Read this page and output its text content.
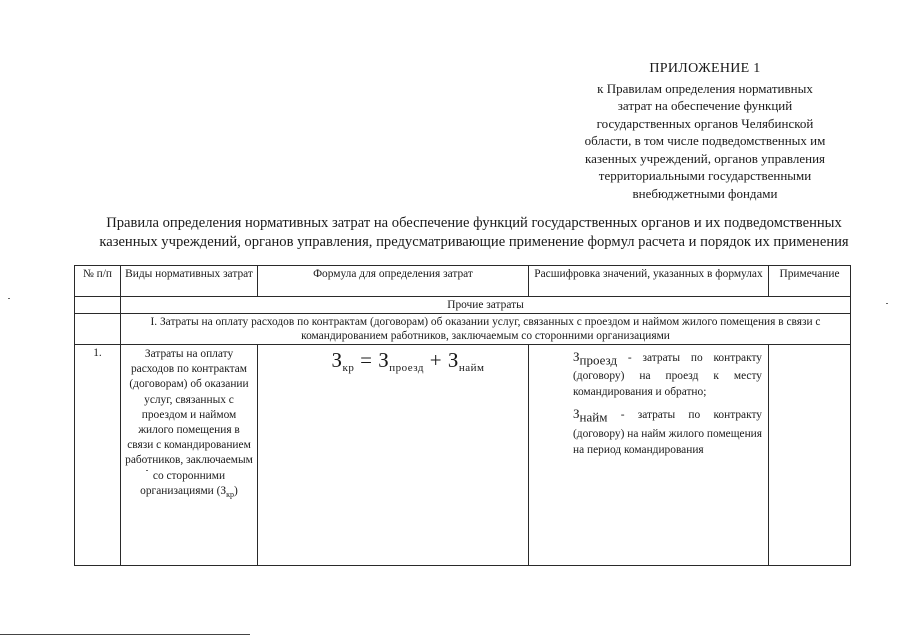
ПРИЛОЖЕНИЕ 1
к Правилам определения нормативных
затрат на обеспечение функций
государственных органов Челябинской
области, в том числе подведомственных им
казенных учреждений, органов управления
территориальными государственными
внебюджетными фондами
Правила определения нормативных затрат на обеспечение функций государственных органов и их подведомственных
казенных учреждений, органов управления, предусматривающие применение формул расчета и порядок их применения
№ п/п	Виды нормативных затрат	Формула для определения затрат	Расшифровка значений, указанных в формулах	Примечание
	Прочие затраты			
	I. Затраты на оплату расходов по контрактам (договорам) об оказании услуг, связанных с проездом и наймом жилого помещения в связи с командированием работников, заключаемым со сторонними организациями			
1.	Затраты на оплату расходов по контрактам (договорам) об оказании услуг, связанных с проездом и наймом жилого помещения в связи с командированием работников, заключаемым со сторонними организациями $(З_{кр})$	$З_{кр} = З_{проезд} + З_{найм}$	$З_{проезд}$ - затраты по контракту (договору) на проезд к месту командирования и обратно;

$З_{найм}$ - затраты по контракту (договору) на найм жилого помещения на период командирования	
